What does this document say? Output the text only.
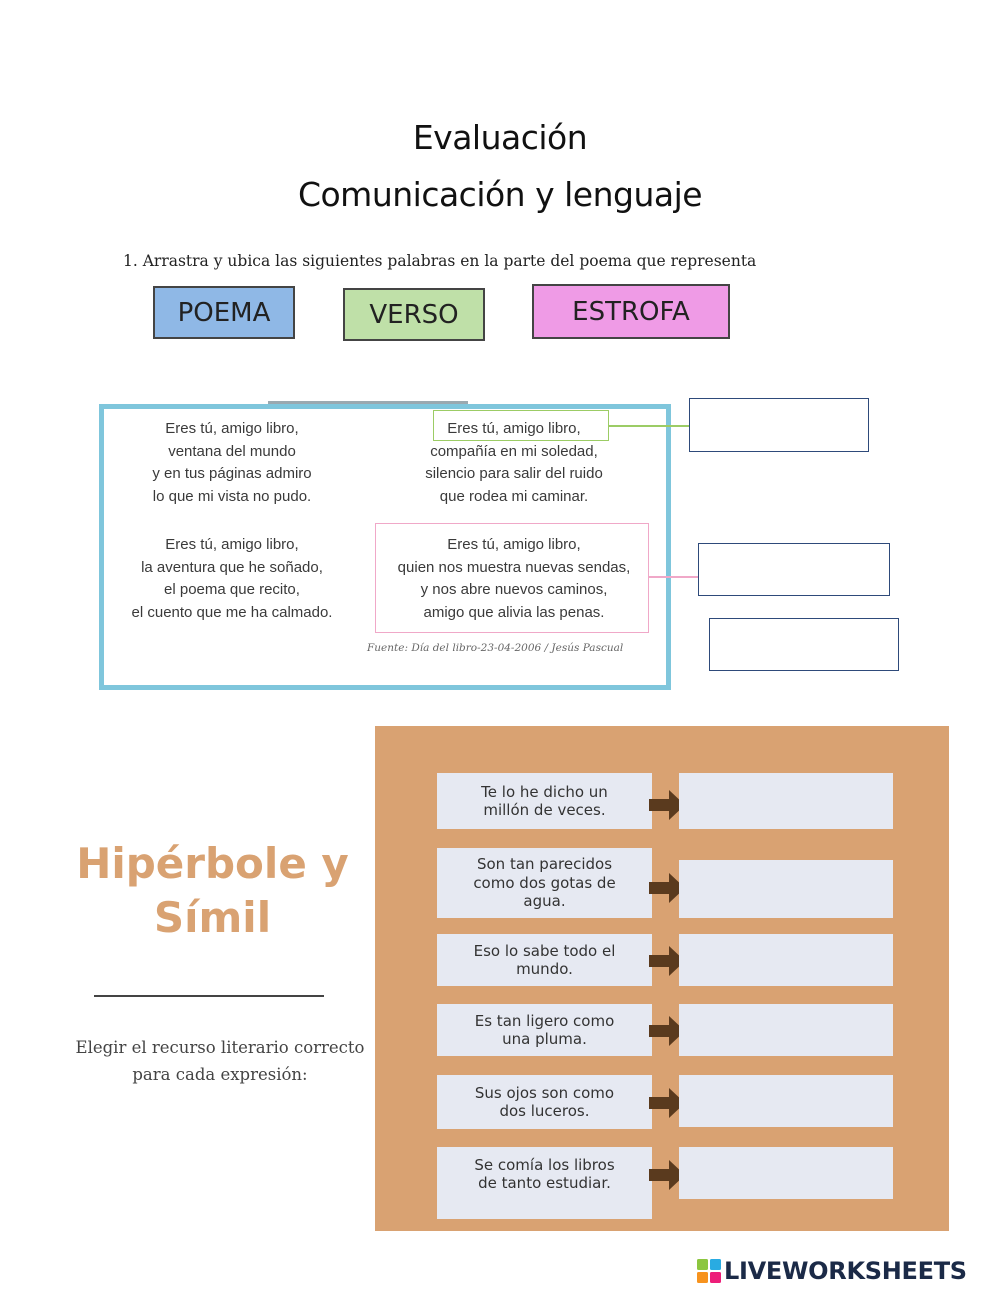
Evaluación
Comunicación y lenguaje
1. Arrastra y ubica las siguientes palabras en la parte del poema que representa
POEMA	VERSO	ESTROFA
Eres tú, amigo libro,
ventana del mundo
y en tus páginas admiro
lo que mi vista no pudo.
Eres tú, amigo libro,
compañía en mi soledad,
silencio para salir del ruido
que rodea mi caminar.
Eres tú, amigo libro,
la aventura que he soñado,
el poema que recito,
el cuento que me ha calmado.
Eres tú, amigo libro,
quien nos muestra nuevas sendas,
y nos abre nuevos caminos,
amigo que alivia las penas.
Fuente: Día del libro-23-04-2006 / Jesús Pascual
Hipérbole y
Símil
Elegir el recurso literario correcto
para cada expresión:
Te lo he dicho un
millón de veces.
Son tan parecidos
como dos gotas de
agua.
Eso lo sabe todo el
mundo.
Es tan ligero como
una pluma.
Sus ojos son como
dos luceros.
Se comía los libros
de tanto estudiar.
LIVEWORKSHEETS
